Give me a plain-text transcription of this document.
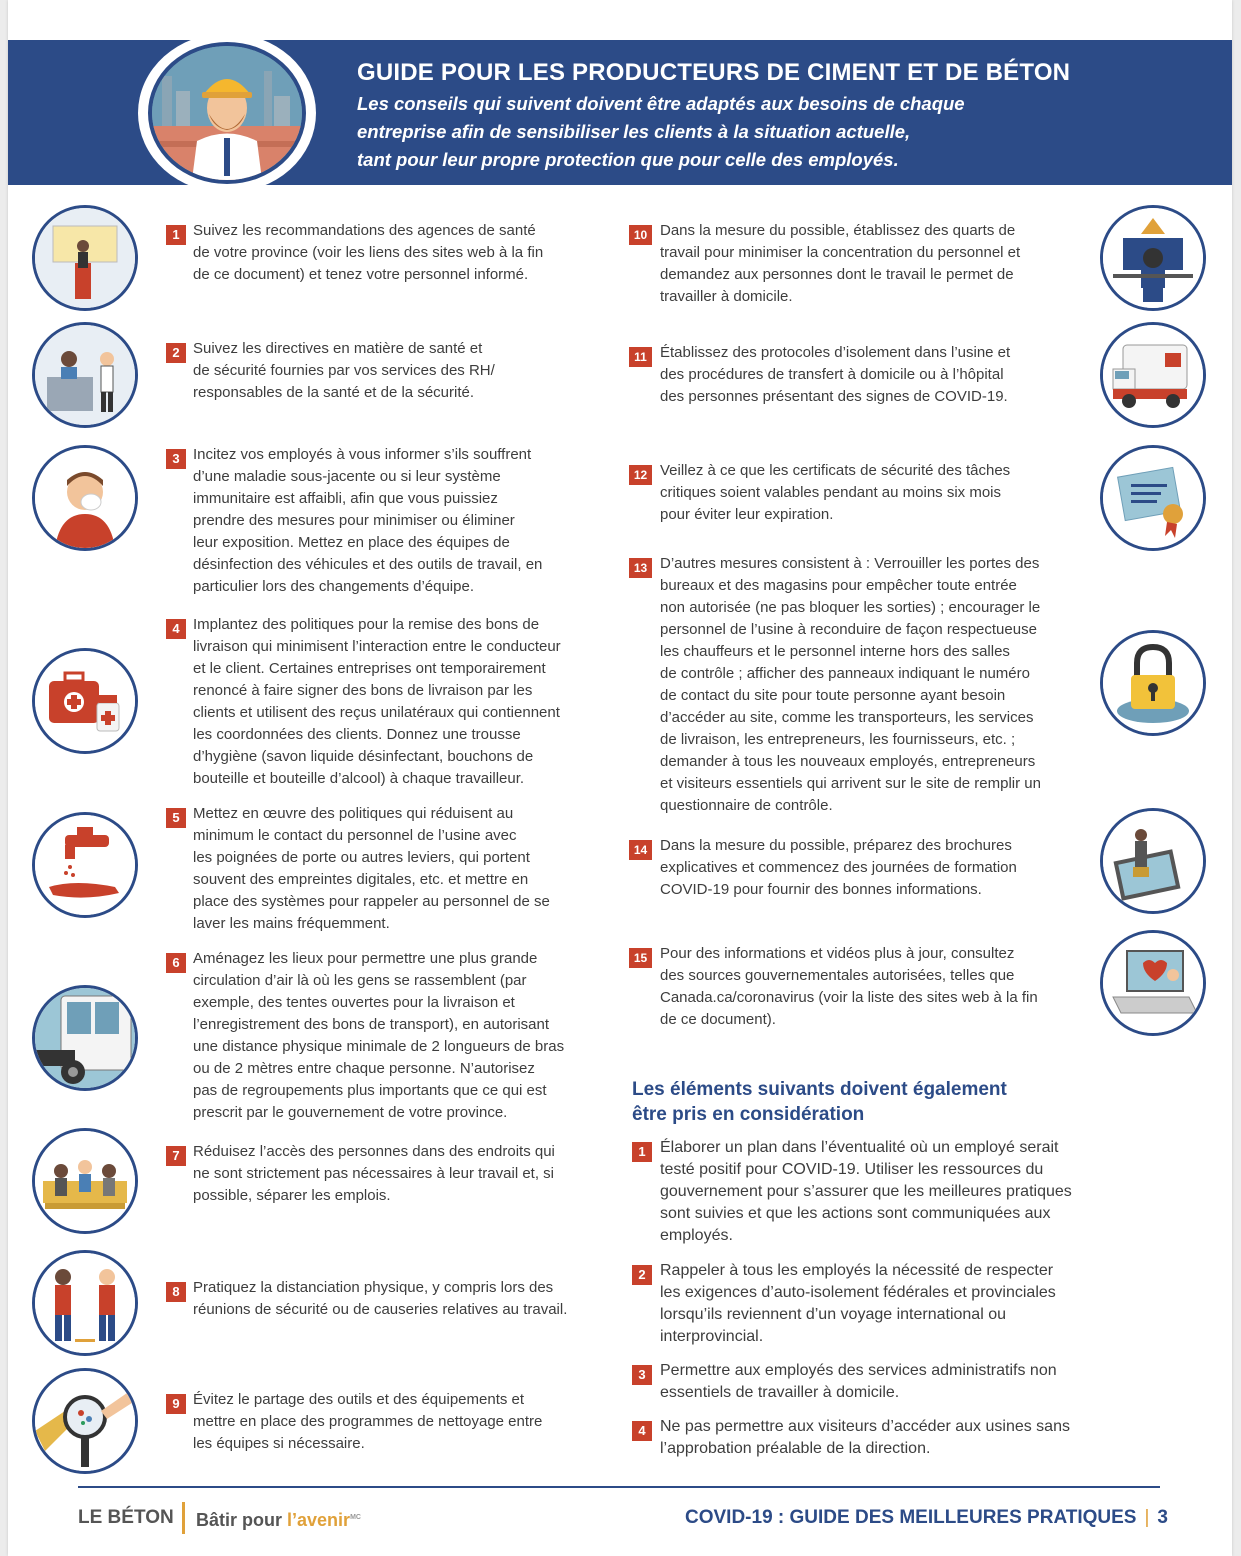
GUIDE POUR LES PRODUCTEURS DE CIMENT ET DE BÉTON
Les conseils qui suivent doivent être adaptés aux besoins de chaque
entreprise afin de sensibiliser les clients à la situation actuelle,
tant pour leur propre protection que pour celle des employés.
1 Suivez les recommandations des agences de santé
de votre province (voir les liens des sites web à la fin
de ce document) et tenez votre personnel informé.
2 Suivez les directives en matière de santé et
de sécurité fournies par vos services des RH/
responsables de la santé et de la sécurité.
3 Incitez vos employés à vous informer s’ils souffrent
d’une maladie sous-jacente ou si leur système
immunitaire est affaibli, afin que vous puissiez
prendre des mesures pour minimiser ou éliminer
leur exposition. Mettez en place des équipes de
désinfection des véhicules et des outils de travail, en
particulier lors des changements d’équipe.
4 Implantez des politiques pour la remise des bons de
livraison qui minimisent l’interaction entre le conducteur
et le client. Certaines entreprises ont temporairement
renoncé à faire signer des bons de livraison par les
clients et utilisent des reçus unilatéraux qui contiennent
les coordonnées des clients. Donnez une trousse
d’hygiène (savon liquide désinfectant, bouchons de
bouteille et bouteille d’alcool) à chaque travailleur.
5 Mettez en œuvre des politiques qui réduisent au
minimum le contact du personnel de l’usine avec
les poignées de porte ou autres leviers, qui portent
souvent des empreintes digitales, etc. et mettre en
place des systèmes pour rappeler au personnel de se
laver les mains fréquemment.
6 Aménagez les lieux pour permettre une plus grande
circulation d’air là où les gens se rassemblent (par
exemple, des tentes ouvertes pour la livraison et
l’enregistrement des bons de transport), en autorisant
une distance physique minimale de 2 longueurs de bras
ou de 2 mètres entre chaque personne. N’autorisez
pas de regroupements plus importants que ce qui est
prescrit par le gouvernement de votre province.
7 Réduisez l’accès des personnes dans des endroits qui
ne sont strictement pas nécessaires à leur travail et, si
possible, séparer les emplois.
8 Pratiquez la distanciation physique, y compris lors des
réunions de sécurité ou de causeries relatives au travail.
9 Évitez le partage des outils et des équipements et
mettre en place des programmes de nettoyage entre
les équipes si nécessaire.
10 Dans la mesure du possible, établissez des quarts de
travail pour minimiser la concentration du personnel et
demandez aux personnes dont le travail le permet de
travailler à domicile.
11 Établissez des protocoles d’isolement dans l’usine et
des procédures de transfert à domicile ou à l’hôpital
des personnes présentant des signes de COVID-19.
12 Veillez à ce que les certificats de sécurité des tâches
critiques soient valables pendant au moins six mois
pour éviter leur expiration.
13 D’autres mesures consistent à : Verrouiller les portes des
bureaux et des magasins pour empêcher toute entrée
non autorisée (ne pas bloquer les sorties) ; encourager le
personnel de l’usine à reconduire de façon respectueuse
les chauffeurs et le personnel interne hors des salles
de contrôle ; afficher des panneaux indiquant le numéro
de contact du site pour toute personne ayant besoin
d’accéder au site, comme les transporteurs, les services
de livraison, les entrepreneurs, les fournisseurs, etc. ;
demander à tous les nouveaux employés, entrepreneurs
et visiteurs essentiels qui arrivent sur le site de remplir un
questionnaire de contrôle.
14 Dans la mesure du possible, préparez des brochures
explicatives et commencez des journées de formation
COVID-19 pour fournir des bonnes informations.
15 Pour des informations et vidéos plus à jour, consultez
des sources gouvernementales autorisées, telles que
Canada.ca/coronavirus (voir la liste des sites web à la fin
de ce document).
Les éléments suivants doivent également
être pris en considération
1 Élaborer un plan dans l’éventualité où un employé serait
testé positif pour COVID-19. Utiliser les ressources du
gouvernement pour s’assurer que les meilleures pratiques
sont suivies et que les actions sont communiquées aux
employés.
2 Rappeler à tous les employés la nécessité de respecter
les exigences d’auto-isolement fédérales et provinciales
lorsqu’ils reviennent d’un voyage international ou
interprovincial.
3 Permettre aux employés des services administratifs non
essentiels de travailler à domicile.
4 Ne pas permettre aux visiteurs d’accéder aux usines sans
l’approbation préalable de la direction.
LE BÉTON Bâtir pour l’avenir$^{MC}$	COVID-19 : GUIDE DES MEILLEURES PRATIQUES | 3
